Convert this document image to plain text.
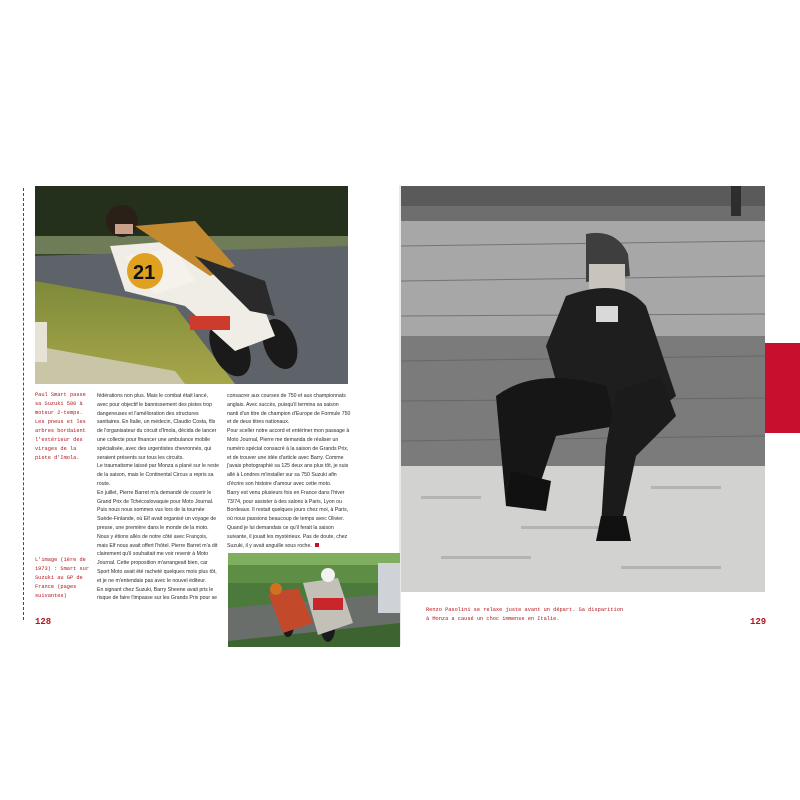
21
Paul Smart passe sa Suzuki 500 à moteur 2-temps. Les pneus et les arbres bordaient l'extérieur des virages de la piste d'Imola.
L'image (1ère de 1973) : Smart sur Suzuki au GP de France (pages suivantes)

fédérations non plus. Mais le combat était lancé, avec pour objectif le bannissement des pistes trop dangereuses et l'amélioration des structures sanitaires. En Italie, un médecin, Claudio Costa, fils de l'organisateur du circuit d'Imola, décida de lancer une collecte pour financer une ambulance mobile spécialisée, avec des urgentistes chevronnés, qui seraient présents sur tous les circuits.

Le traumatisme laissé par Monza a plané sur le reste de la saison, mais le Continental Circus a repris sa route.

En juillet, Pierre Barret m'a demandé de couvrir le Grand Prix de Tchécoslovaquie pour Moto Journal. Puis nous nous sommes vus lors de la tournée Suède-Finlande, où Elf avait organisé un voyage de presse, une première dans le monde de la moto. Nous y étions allés de notre côté avec François, mais Elf nous avait offert l'hôtel. Pierre Barret m'a dit clairement qu'il souhaitait me voir revenir à Moto Journal. Cette proposition m'arrangeait bien, car Sport Moto avait été racheté quelques mois plus tôt, et je ne m'entendais pas avec le nouvel éditeur.

En signant chez Suzuki, Barry Sheene avait pris le risque de faire l'impasse sur les Grands Prix pour se

consacrer aux courses de 750 et aux championnats anglais. Avec succès, puisqu'il termina sa saison nanti d'un titre de champion d'Europe de Formule 750 et de deux titres nationaux.

Pour sceller notre accord et entériner mon passage à Moto Journal, Pierre me demanda de réaliser un numéro spécial consacré à la saison de Grands Prix, et de trouver une idée d'article avec Barry. Comme j'avais photographié sa 125 deux ans plus tôt, je suis allé à Londres m'installer sur sa 750 Suzuki afin d'écrire son histoire d'amour avec cette moto.

Barry est venu plusieurs fois en France dans l'hiver 73/74, pour assister à des salons à Paris, Lyon ou Bordeaux. Il restait quelques jours chez moi, à Paris, où nous passions beaucoup de temps avec Olivier. Quand je lui demandais ce qu'il ferait la saison suivante, il jouait les mystérieux. Pas de doute, chez Suzuki, il y avait anguille sous roche.

128
Renzo Pasolini se relaxe juste avant un départ. Sa disparition à Monza a causé un choc immense en Italie.	129
